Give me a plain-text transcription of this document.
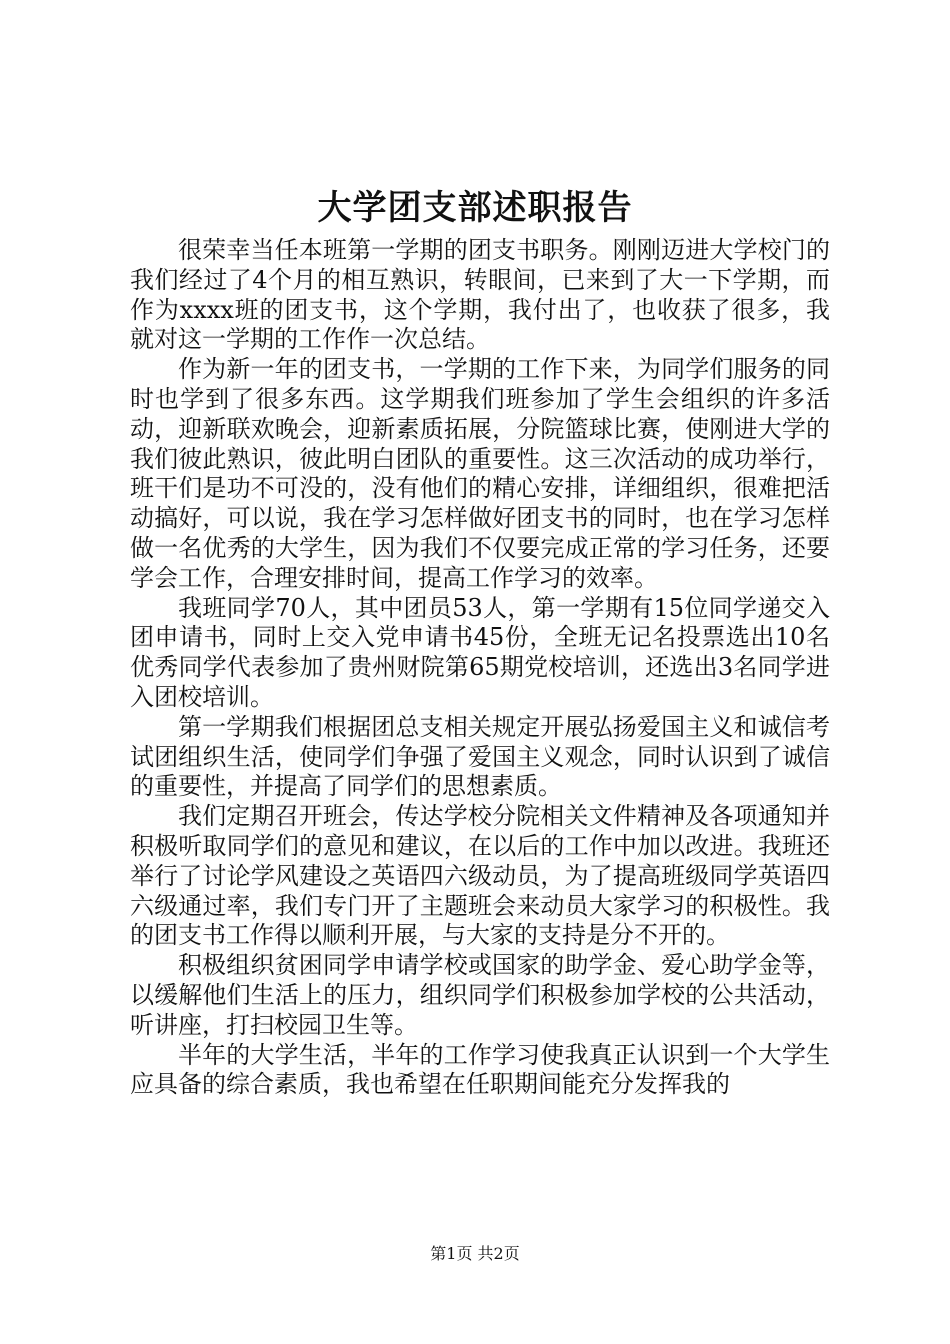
大学团支部述职报告

很荣幸当任本班第一学期的团支书职务。刚刚迈进大学校门的我们经过了4个月的相互熟识，转眼间，已来到了大一下学期，而作为xxxx班的团支书，这个学期，我付出了，也收获了很多，我就对这一学期的工作作一次总结。

作为新一年的团支书，一学期的工作下来，为同学们服务的同时也学到了很多东西。这学期我们班参加了学生会组织的许多活动，迎新联欢晚会，迎新素质拓展，分院篮球比赛，使刚进大学的我们彼此熟识，彼此明白团队的重要性。这三次活动的成功举行，班干们是功不可没的，没有他们的精心安排，详细组织，很难把活动搞好，可以说，我在学习怎样做好团支书的同时，也在学习怎样做一名优秀的大学生，因为我们不仅要完成正常的学习任务，还要学会工作，合理安排时间，提高工作学习的效率。

我班同学70人，其中团员53人，第一学期有15位同学递交入团申请书，同时上交入党申请书45份，全班无记名投票选出10名优秀同学代表参加了贵州财院第65期党校培训，还选出3名同学进入团校培训。

第一学期我们根据团总支相关规定开展弘扬爱国主义和诚信考试团组织生活，使同学们争强了爱国主义观念，同时认识到了诚信的重要性，并提高了同学们的思想素质。

我们定期召开班会，传达学校分院相关文件精神及各项通知并积极听取同学们的意见和建议，在以后的工作中加以改进。我班还举行了讨论学风建设之英语四六级动员，为了提高班级同学英语四六级通过率，我们专门开了主题班会来动员大家学习的积极性。我的团支书工作得以顺利开展，与大家的支持是分不开的。

积极组织贫困同学申请学校或国家的助学金、爱心助学金等，以缓解他们生活上的压力，组织同学们积极参加学校的公共活动，听讲座，打扫校园卫生等。

半年的大学生活，半年的工作学习使我真正认识到一个大学生应具备的综合素质，我也希望在任职期间能充分发挥我的

第1页 共2页
